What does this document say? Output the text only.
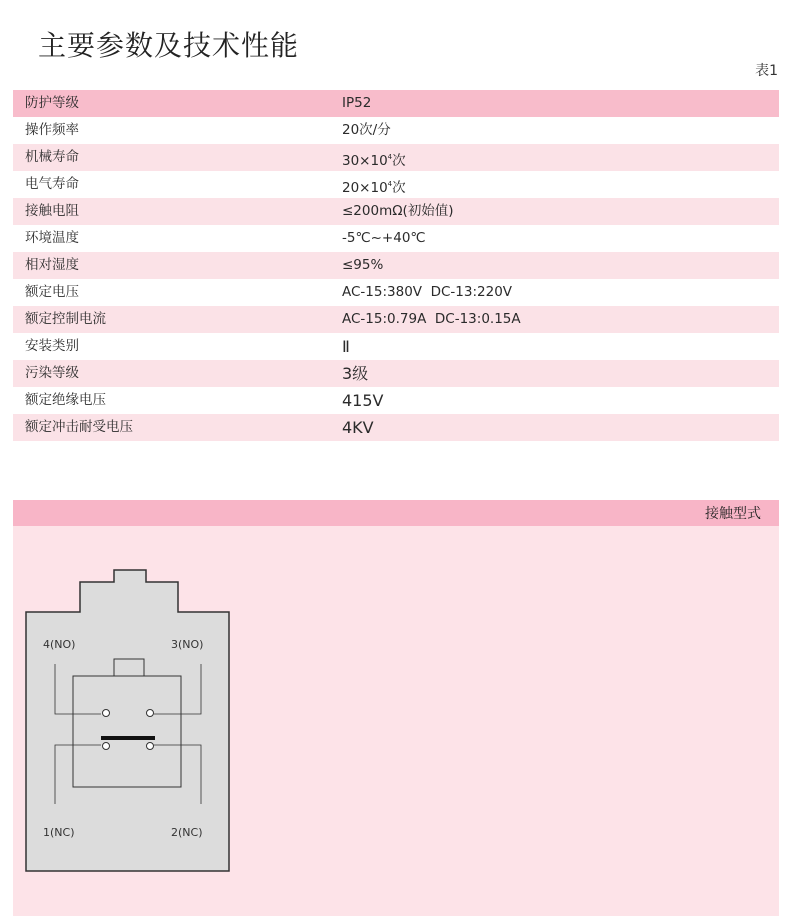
主要参数及技术性能
表1
防护等级	IP52
操作频率	20次/分
机械寿命	$30\times 10^4$次
电气寿命	$20\times 10^4$次
接触电阻	≤200mΩ(初始值)
环境温度	-5℃~+40℃
相对湿度	≤95%
额定电压	AC-15:380V  DC-13:220V
额定控制电流	AC-15:0.79A  DC-13:0.15A
安装类别	Ⅱ
污染等级	3级
额定绝缘电压	415V
额定冲击耐受电压	4KV
接触型式
4(NO)	3(NO)
1(NC)	2(NC)
